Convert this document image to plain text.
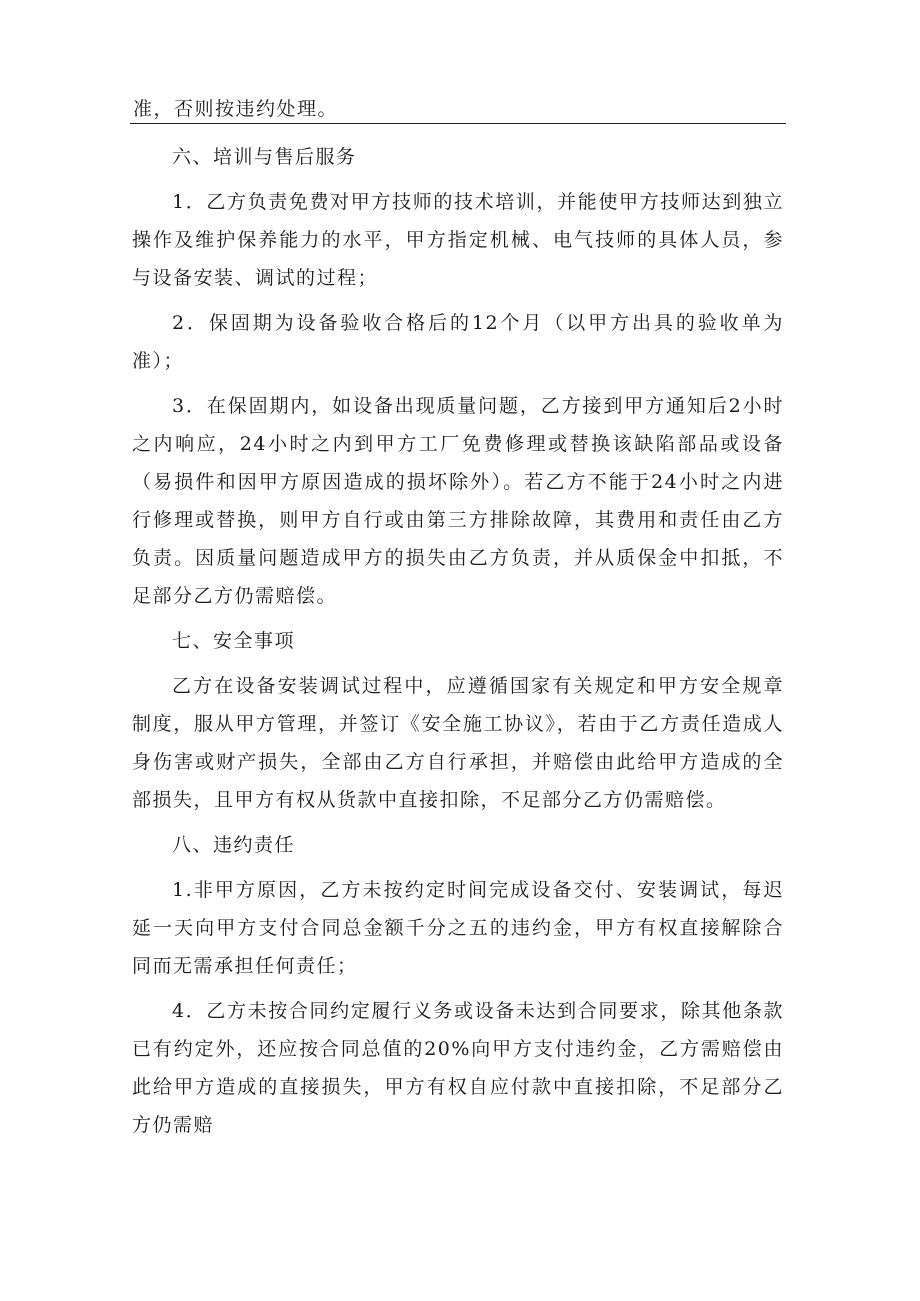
准，否则按违约处理。
六、培训与售后服务

1．乙方负责免费对甲方技师的技术培训，并能使甲方技师达到独立操作及维护保养能力的水平，甲方指定机械、电气技师的具体人员，参与设备安装、调试的过程；

2．保固期为设备验收合格后的12个月（以甲方出具的验收单为准）；

3．在保固期内，如设备出现质量问题，乙方接到甲方通知后2小时之内响应，24小时之内到甲方工厂免费修理或替换该缺陷部品或设备（易损件和因甲方原因造成的损坏除外）。若乙方不能于24小时之内进行修理或替换，则甲方自行或由第三方排除故障，其费用和责任由乙方负责。因质量问题造成甲方的损失由乙方负责，并从质保金中扣抵，不足部分乙方仍需赔偿。

七、安全事项

乙方在设备安装调试过程中，应遵循国家有关规定和甲方安全规章制度，服从甲方管理，并签订《安全施工协议》，若由于乙方责任造成人身伤害或财产损失，全部由乙方自行承担，并赔偿由此给甲方造成的全部损失，且甲方有权从货款中直接扣除，不足部分乙方仍需赔偿。

八、违约责任

1.非甲方原因，乙方未按约定时间完成设备交付、安装调试，每迟延一天向甲方支付合同总金额千分之五的违约金，甲方有权直接解除合同而无需承担任何责任；

4．乙方未按合同约定履行义务或设备未达到合同要求，除其他条款已有约定外，还应按合同总值的20%向甲方支付违约金，乙方需赔偿由此给甲方造成的直接损失，甲方有权自应付款中直接扣除，不足部分乙方仍需赔
